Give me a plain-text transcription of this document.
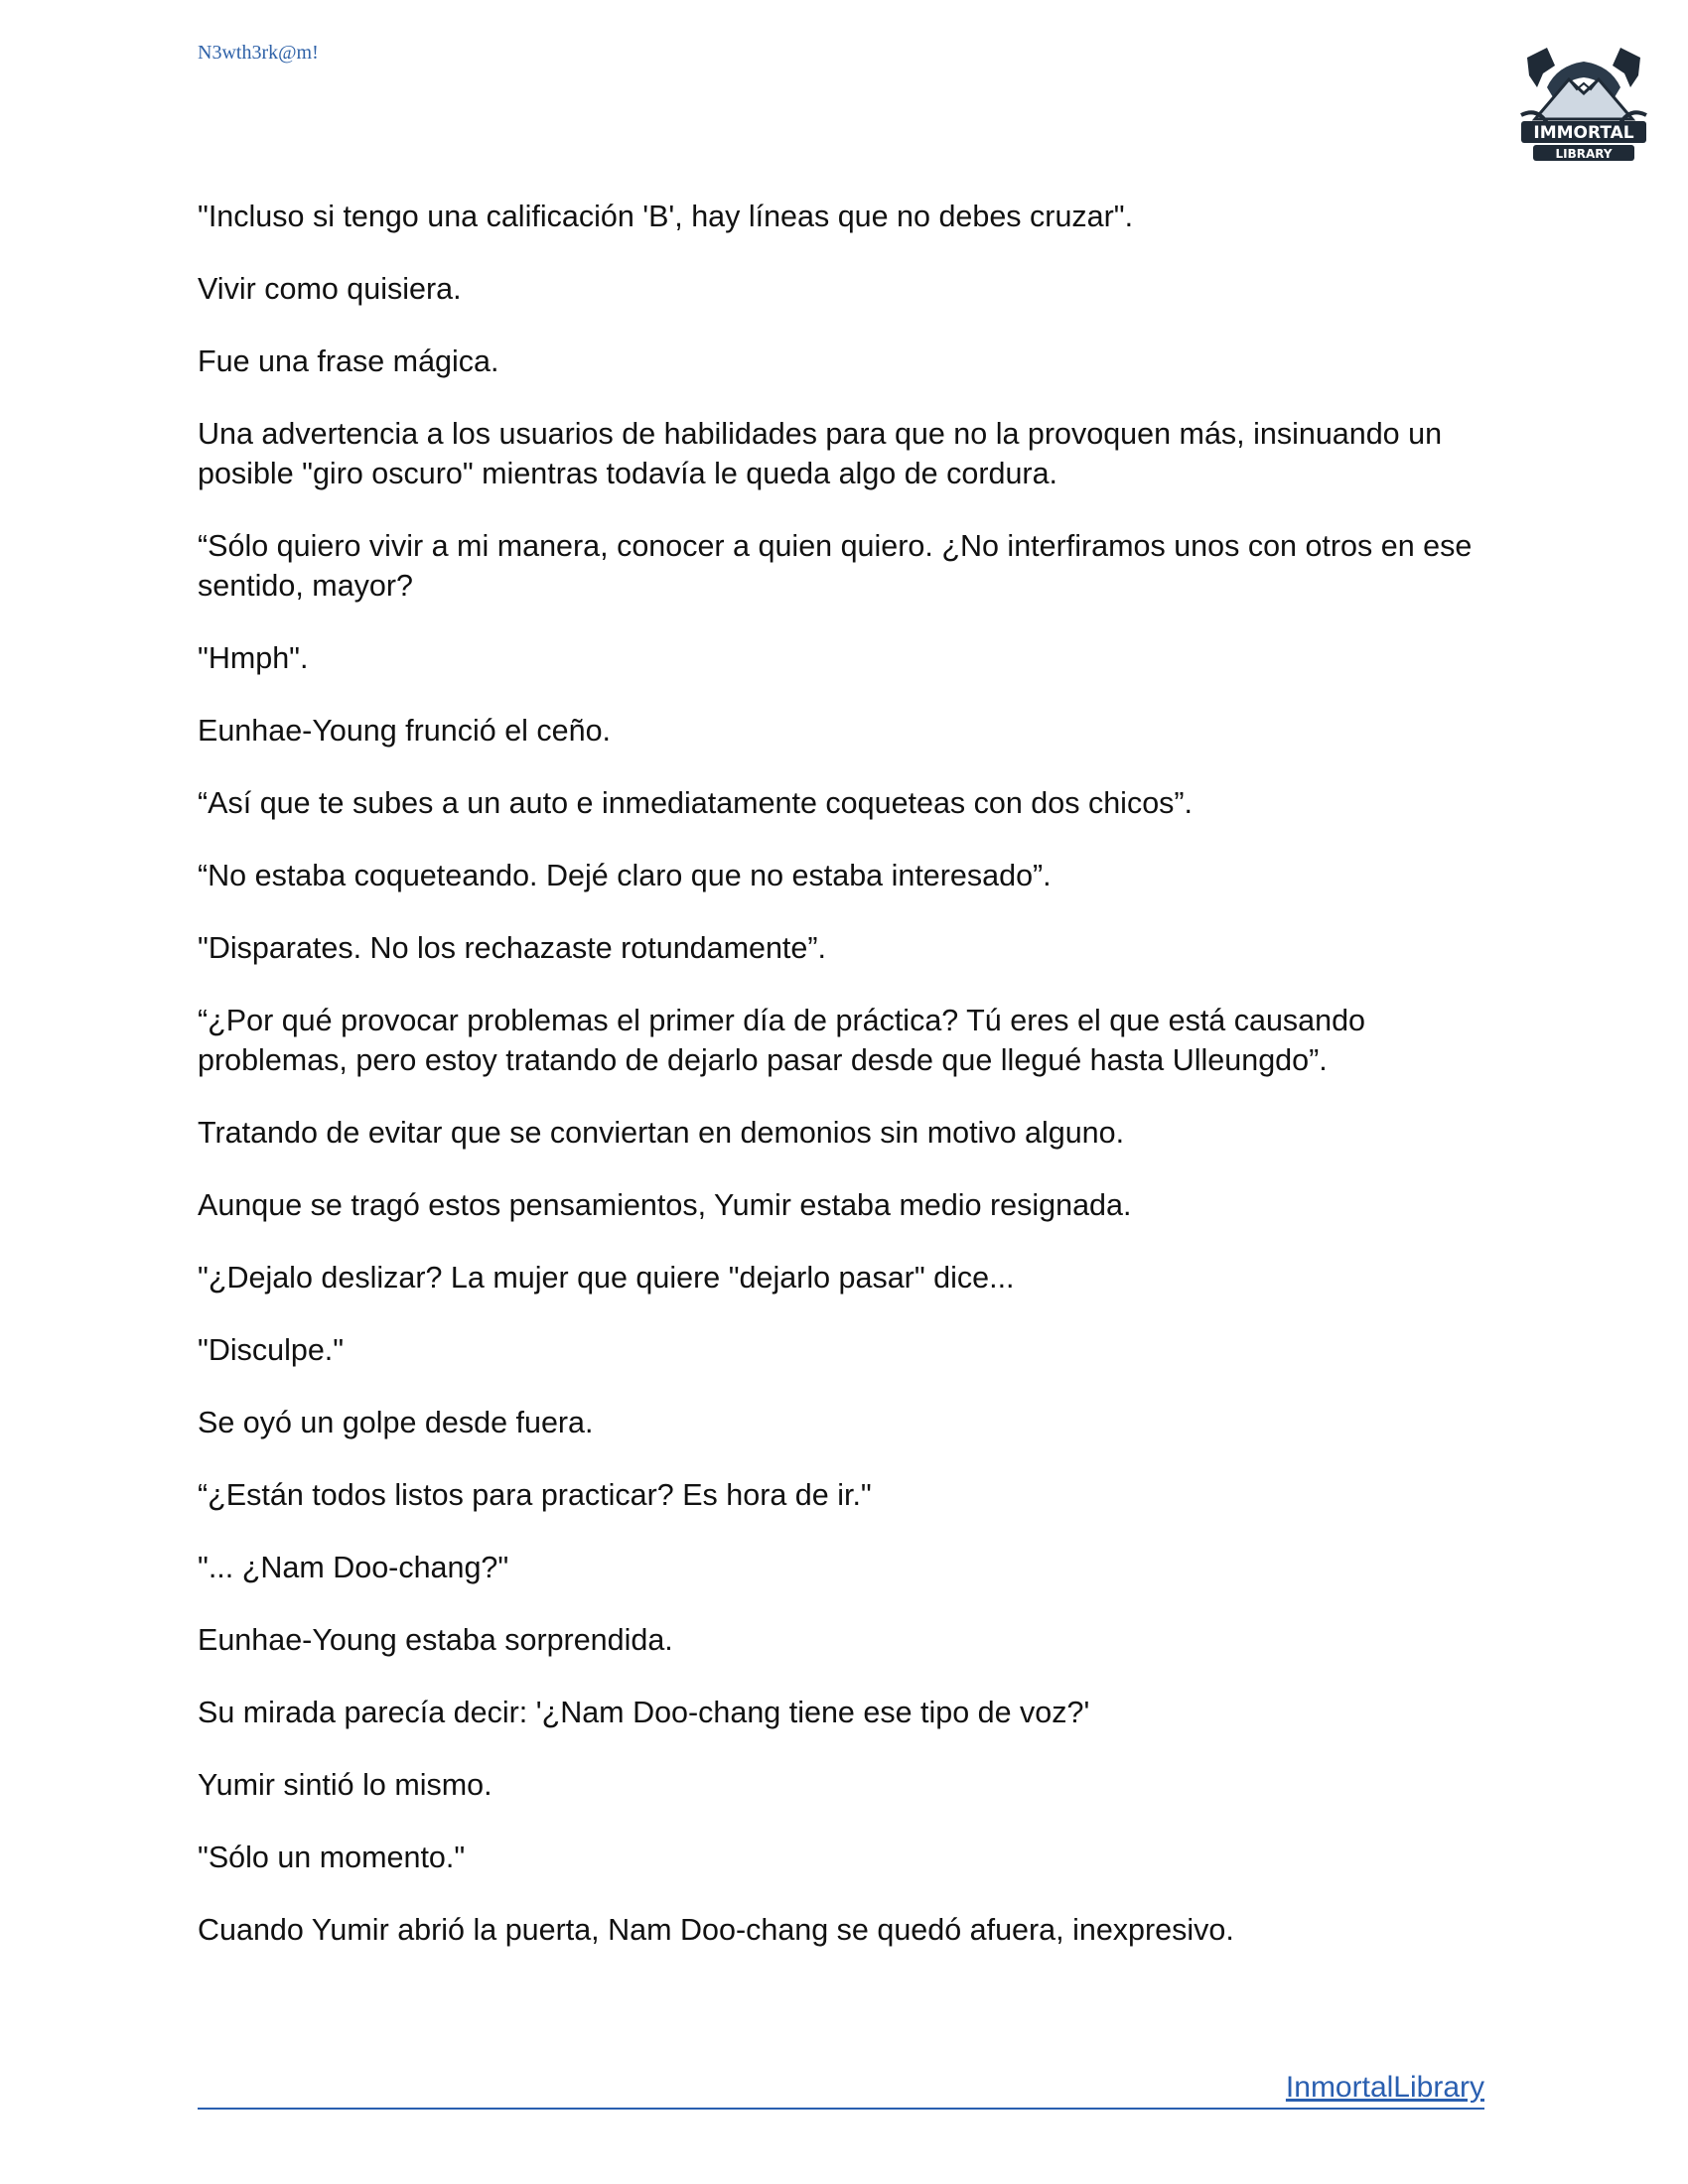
N3wth3rk@m!
IMMORTAL
LIBRARY

"Incluso si tengo una calificación 'B', hay líneas que no debes cruzar".

Vivir como quisiera.

Fue una frase mágica.

Una advertencia a los usuarios de habilidades para que no la provoquen más, insinuando un posible "giro oscuro" mientras todavía le queda algo de cordura.

“Sólo quiero vivir a mi manera, conocer a quien quiero. ¿No interfiramos unos con otros en ese sentido, mayor?

"Hmph".

Eunhae-Young frunció el ceño.

“Así que te subes a un auto e inmediatamente coqueteas con dos chicos”.

“No estaba coqueteando. Dejé claro que no estaba interesado”.

"Disparates. No los rechazaste rotundamente”.

“¿Por qué provocar problemas el primer día de práctica? Tú eres el que está causando problemas, pero estoy tratando de dejarlo pasar desde que llegué hasta Ulleungdo”.

Tratando de evitar que se conviertan en demonios sin motivo alguno.

Aunque se tragó estos pensamientos, Yumir estaba medio resignada.

"¿Dejalo deslizar? La mujer que quiere "dejarlo pasar" dice...

"Disculpe."

Se oyó un golpe desde fuera.

“¿Están todos listos para practicar? Es hora de ir."

"... ¿Nam Doo-chang?"

Eunhae-Young estaba sorprendida.

Su mirada parecía decir: '¿Nam Doo-chang tiene ese tipo de voz?'

Yumir sintió lo mismo.

"Sólo un momento."

Cuando Yumir abrió la puerta, Nam Doo-chang se quedó afuera, inexpresivo.

InmortalLibrary
